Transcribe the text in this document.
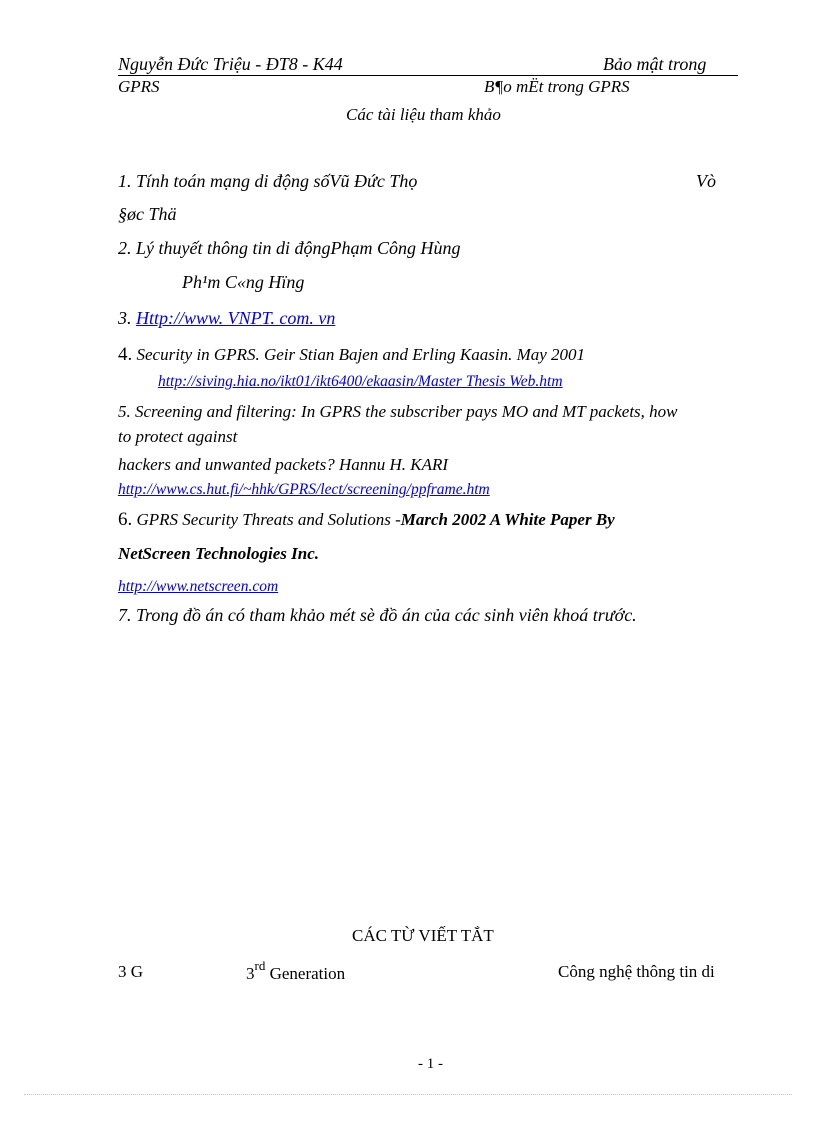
Nguyễn Đức Triệu - ĐT8 - K44	Bảo mật trong
GPRS	B¶o mËt trong GPRS
Các tài liệu tham khảo
1. Tính toán mạng di động sốVũ Đức Thọ	Vò
§øc Thä
2. Lý thuyết thông tin di độngPhạm Công Hùng
Ph¹m C«ng Hïng
3. Http://www. VNPT. com. vn
4. Security in GPRS. Geir Stian Bajen and Erling Kaasin. May 2001
http://siving.hia.no/ikt01/ikt6400/ekaasin/Master Thesis Web.htm
5. Screening and filtering: In GPRS the subscriber pays MO and MT packets, how
to protect against
hackers and unwanted packets? Hannu H. KARI
http://www.cs.hut.fi/~hhk/GPRS/lect/screening/ppframe.htm
6. GPRS Security Threats and Solutions -March 2002 A White Paper By
NetScreen Technologies Inc.
http://www.netscreen.com
7. Trong đồ án có tham khảo mét sè đồ án của các sinh viên khoá trước.
CÁC TỪ VIẾT TẮT
3 G	3rd Generation	Công nghệ thông tin di
- 1 -
